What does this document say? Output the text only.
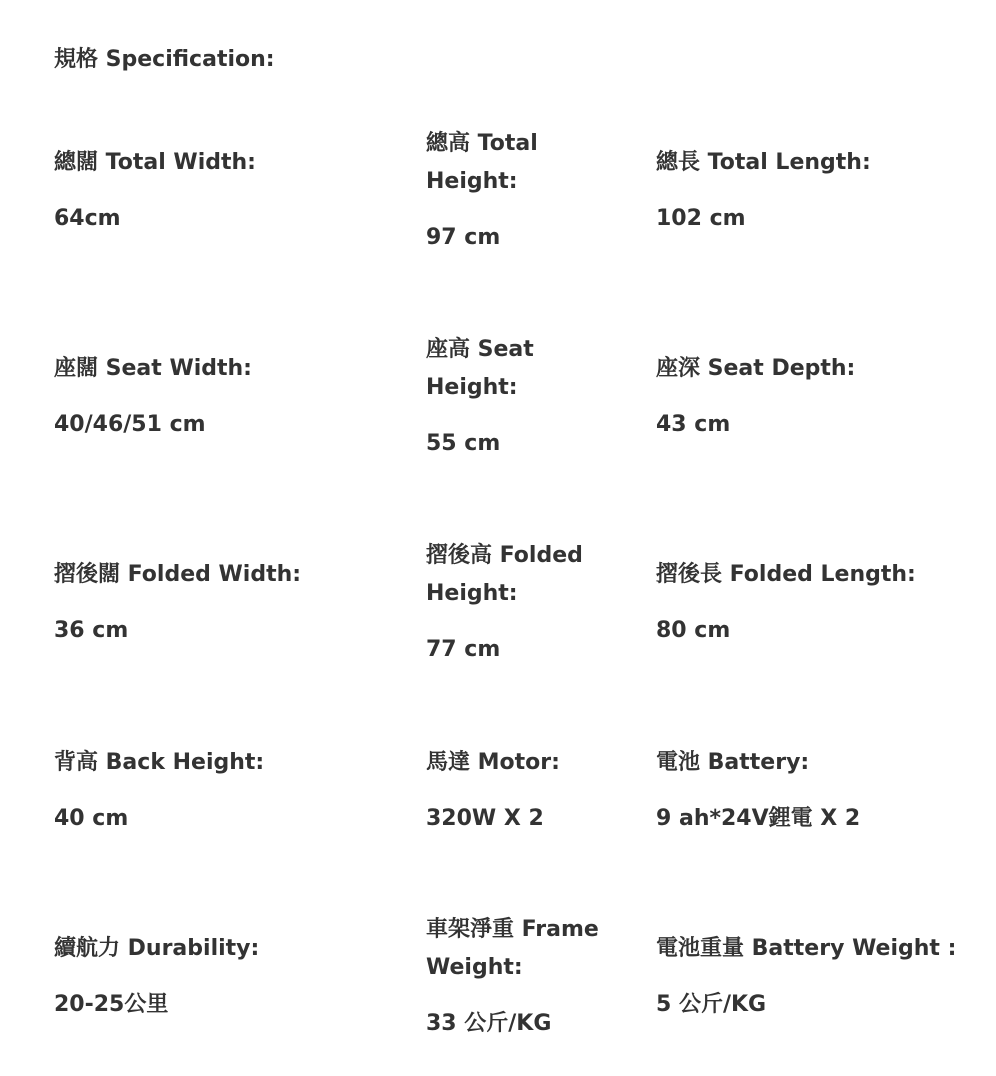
規格 Specification:
總闊 Total Width:
64cm
總高 Total Height:
97 cm
總長 Total Length:
102 cm
座闊 Seat Width:
40/46/51 cm
座高 Seat Height:
55 cm
座深 Seat Depth:
43 cm
摺後闊 Folded Width:
36 cm
摺後高 Folded Height:
77 cm
摺後長 Folded Length:
80 cm
背高 Back Height:
40 cm
馬達 Motor:
320W X 2
電池 Battery:
9 ah*24V鋰電 X 2
續航力 Durability:
20-25公里
車架淨重 Frame Weight:
33 公斤/KG
電池重量 Battery Weight :
5 公斤/KG
